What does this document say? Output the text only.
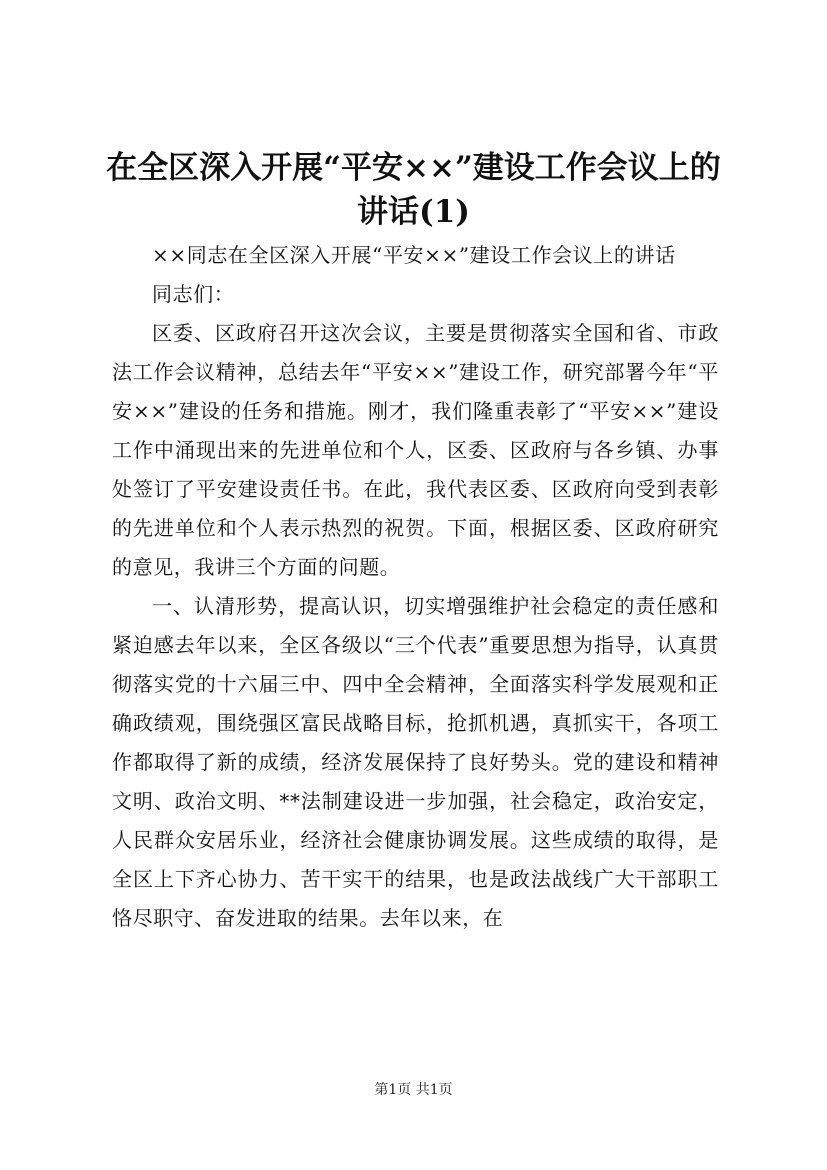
在全区深入开展“平安××”建设工作会议上的讲话(1)

××同志在全区深入开展“平安××”建设工作会议上的讲话

同志们：

区委、区政府召开这次会议，主要是贯彻落实全国和省、市政法工作会议精神，总结去年“平安××”建设工作，研究部署今年“平安××”建设的任务和措施。刚才，我们隆重表彰了“平安××”建设工作中涌现出来的先进单位和个人，区委、区政府与各乡镇、办事处签订了平安建设责任书。在此，我代表区委、区政府向受到表彰的先进单位和个人表示热烈的祝贺。下面，根据区委、区政府研究的意见，我讲三个方面的问题。

一、认清形势，提高认识，切实增强维护社会稳定的责任感和紧迫感去年以来，全区各级以“三个代表”重要思想为指导，认真贯彻落实党的十六届三中、四中全会精神，全面落实科学发展观和正确政绩观，围绕强区富民战略目标，抢抓机遇，真抓实干，各项工作都取得了新的成绩，经济发展保持了良好势头。党的建设和精神文明、政治文明、**法制建设进一步加强，社会稳定，政治安定，人民群众安居乐业，经济社会健康协调发展。这些成绩的取得，是全区上下齐心协力、苦干实干的结果，也是政法战线广大干部职工恪尽职守、奋发进取的结果。去年以来，在

第1页 共1页
